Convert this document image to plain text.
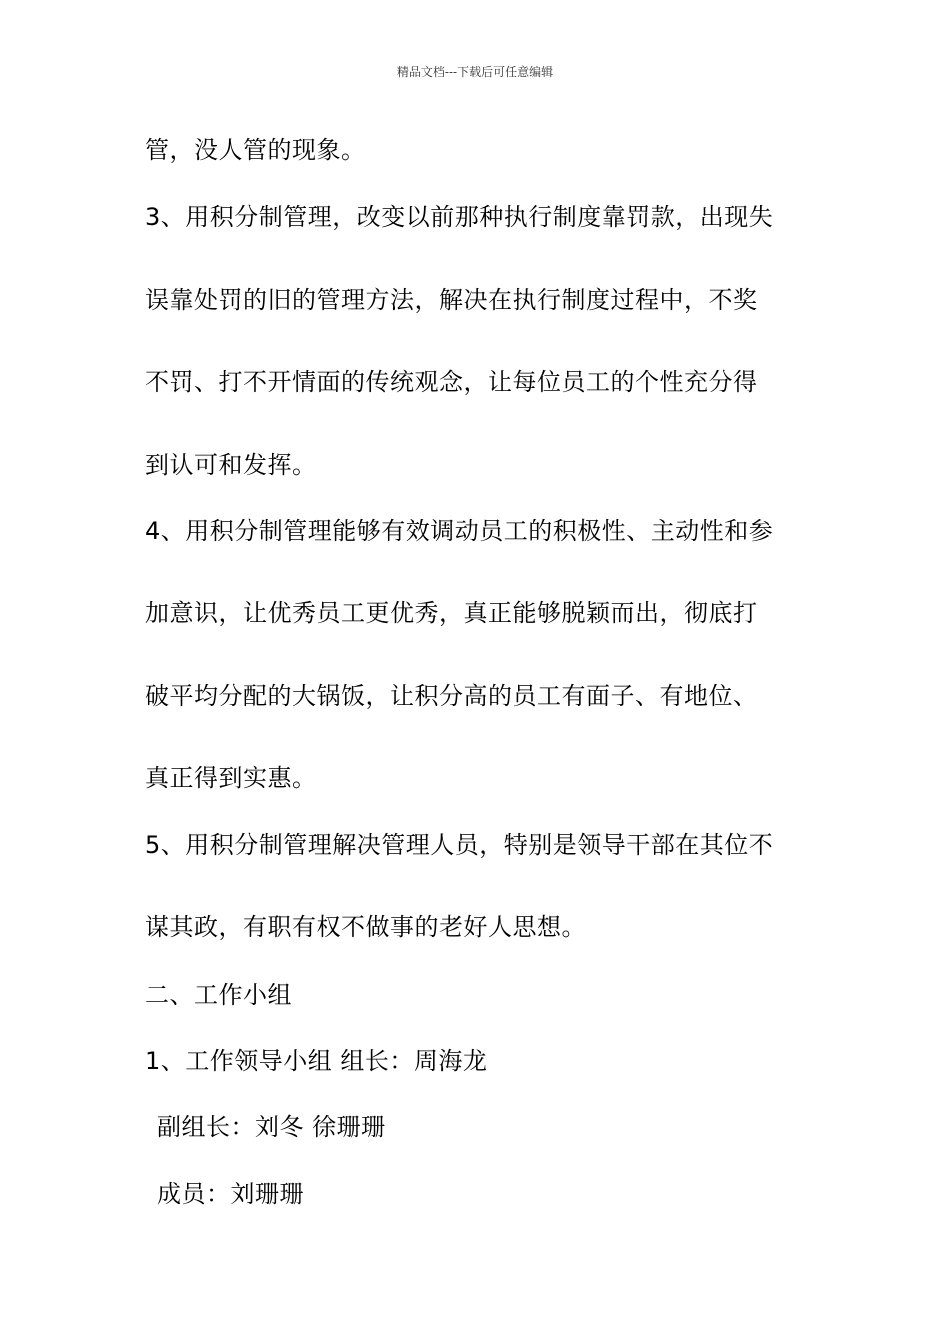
精品文档---下载后可任意编辑
管，没人管的现象。
3、用积分制管理，改变以前那种执行制度靠罚款，出现失
误靠处罚的旧的管理方法，解决在执行制度过程中，不奖
不罚、打不开情面的传统观念，让每位员工的个性充分得
到认可和发挥。
4、用积分制管理能够有效调动员工的积极性、主动性和参
加意识，让优秀员工更优秀，真正能够脱颖而出，彻底打
破平均分配的大锅饭，让积分高的员工有面子、有地位、
真正得到实惠。
5、用积分制管理解决管理人员，特别是领导干部在其位不
谋其政，有职有权不做事的老好人思想。
二、工作小组
1、工作领导小组 组长：周海龙
副组长：刘冬 徐珊珊
成员：刘珊珊
